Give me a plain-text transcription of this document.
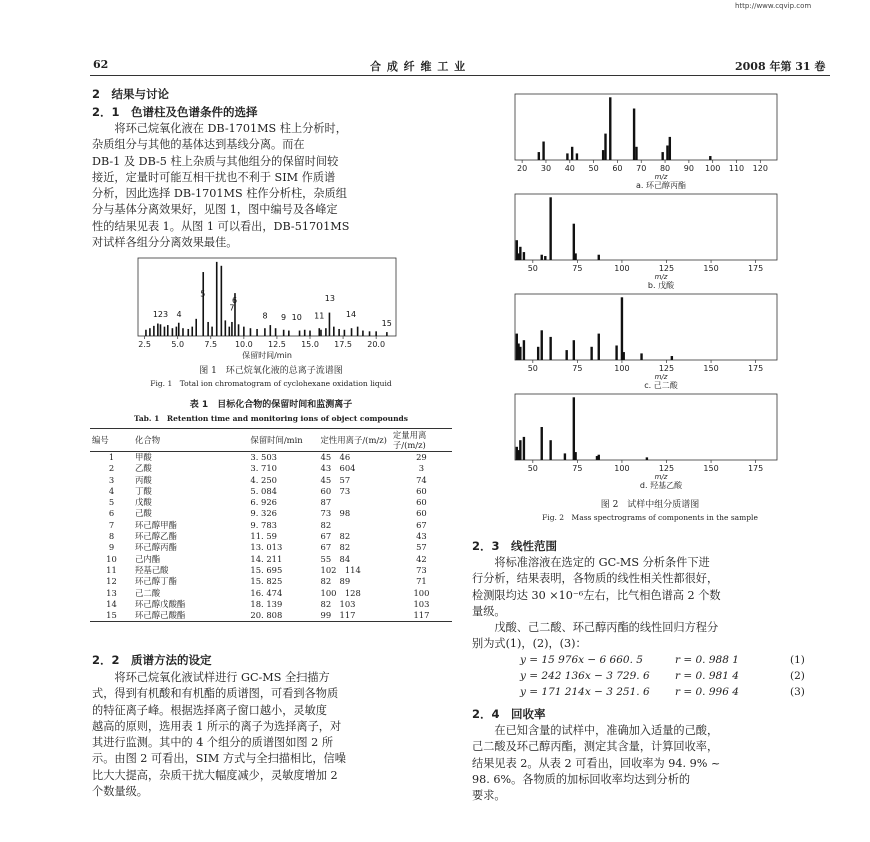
http://www.cqvip.com
62	合 成 纤 维 工 业	2008 年第 31 卷
2　结果与讨论
2．1　色谱柱及色谱条件的选择
将环己烷氧化液在 DB-1701MS 柱上分析时，
杂质组分与其他的基体达到基线分离。而在
DB-1 及 DB-5 柱上杂质与其他组分的保留时间较
接近，定量时可能互相干扰也不利于 SIM 作质谱
分析，因此选择 DB-1701MS 柱作分析柱，杂质组
分与基体分离效果好，见图 1，图中编号及各峰定
性的结果见表 1。从图 1 可以看出，DB-51701MS
对试样各组分分离效果最佳。
2.5	5.0	7.5 10.0 12.5 15.0 17.5 20.0
123 4
5
6
7
8 9 10 11
13
14
15
保留时间/min
图 1　环己烷氧化液的总离子流谱图
Fig. 1　Total ion chromatogram of cyclohexane oxidation liquid
表 1　目标化合物的保留时间和监测离子
Tab. 1　Retention time and monitoring ions of object compounds
编号	化合物	保留时间/min	定性用离子/(m/z)	定量用离子/(m/z)
1	甲酸	3. 503	45　46	29
2	乙酸	3. 710	43　604	3
3	丙酸	4. 250	45　57	74
4	丁酸	5. 084	60　73	60
5	戊酸	6. 926	87	60
6	己酸	9. 326	73　98	60
7	环己醇甲酯	9. 783	82	67
8	环己醇乙酯	11. 59	67　82	43
9	环己醇丙酯	13. 013	67　82	57
10	己内酯	14. 211	55　84	42
11	羟基己酸	15. 695	102　114	73
12	环己醇丁酯	15. 825	82　89	71
13	己二酸	16. 474	100　128	100
14	环己醇戊酸酯	18. 139	82　103	103
15	环己醇己酸酯	20. 808	99　117	117
2．2　质谱方法的设定
将环己烷氧化液试样进行 GC-MS 全扫描方
式，得到有机酸和有机酯的质谱图，可看到各物质
的特征离子峰。根据选择离子窗口越小，灵敏度
越高的原则，选用表 1 所示的离子为选择离子，对
其进行监测。其中的 4 个组分的质谱图如图 2 所
示。由图 2 可看出，SIM 方式与全扫描相比，信噪
比大大提高，杂质干扰大幅度减少，灵敏度增加 2
个数量级。
20 30 40 50 60 70 80 90 100 110 120
m/z
a. 环己醇丙酯
50	75	100	125	150	175
m/z
b. 戊酸
50	75	100	125	150	175
m/z
c. 己二酸
50	75	100	125	150	175
m/z
d. 羟基乙酸
图 2　试样中组分质谱图
Fig. 2　Mass spectrograms of components in the sample
2．3　线性范围
将标准溶液在选定的 GC-MS 分析条件下进
行分析，结果表明，各物质的线性相关性都很好，
检测限均达 30 ×10⁻⁶左右，比气相色谱高 2 个数
量级。
戊酸、己二酸、环己醇丙酯的线性回归方程分
别为式(1)，(2)，(3)：
y = 15 976x − 6 660. 5	r = 0. 988 1	(1)
y = 242 136x − 3 729. 6 r = 0. 981 4	(2)
y = 171 214x − 3 251. 6 r = 0. 996 4	(3)
2．4　回收率
在已知含量的试样中，准确加入适量的己酸，
己二酸及环己醇丙酯，测定其含量，计算回收率，
结果见表 2。从表 2 可看出，回收率为 94. 9% ~
98. 6%。各物质的加标回收率均达到分析的
要求。
